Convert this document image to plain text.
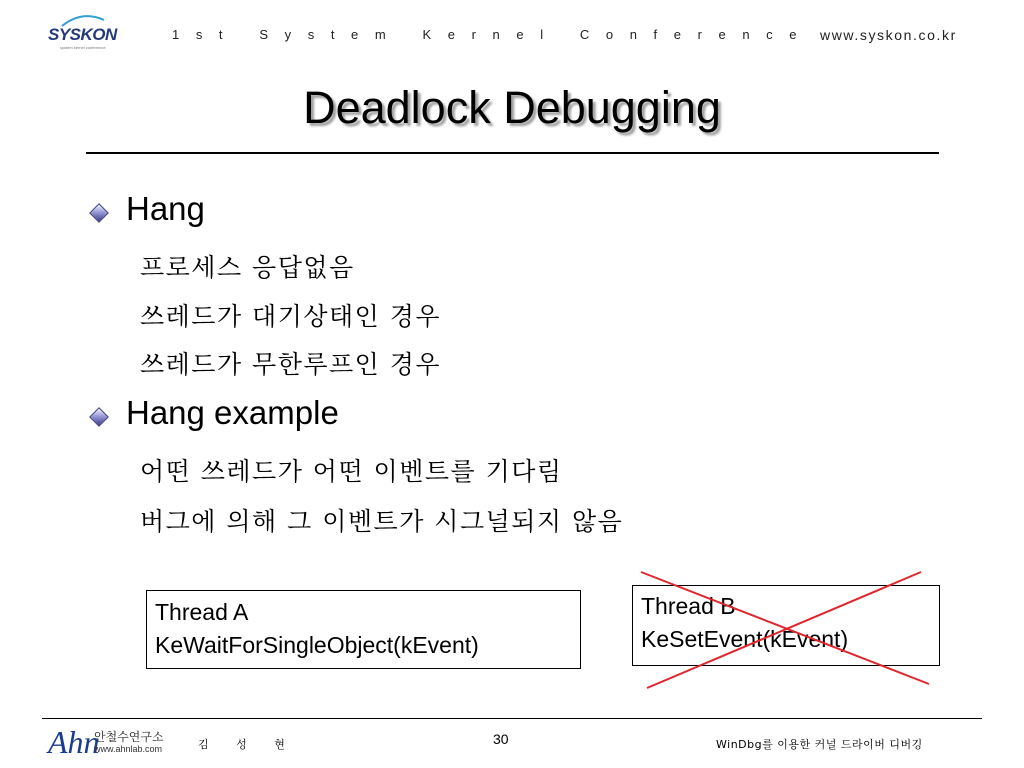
SYSKON
system kernel conference
1st System Kernel Conference www.syskon.co.kr
Deadlock Debugging
Hang
프로세스 응답없음
쓰레드가 대기상태인 경우
쓰레드가 무한루프인 경우
Hang example
어떤 쓰레드가 어떤 이벤트를 기다림
버그에 의해 그 이벤트가 시그널되지 않음
Thread A
KeWaitForSingleObject(kEvent)
Thread B
KeSetEvent(kEvent)
Ahn
안철수연구소
www.ahnlab.com	김 성 현	30	WinDbg를 이용한 커널 드라이버 디버깅
